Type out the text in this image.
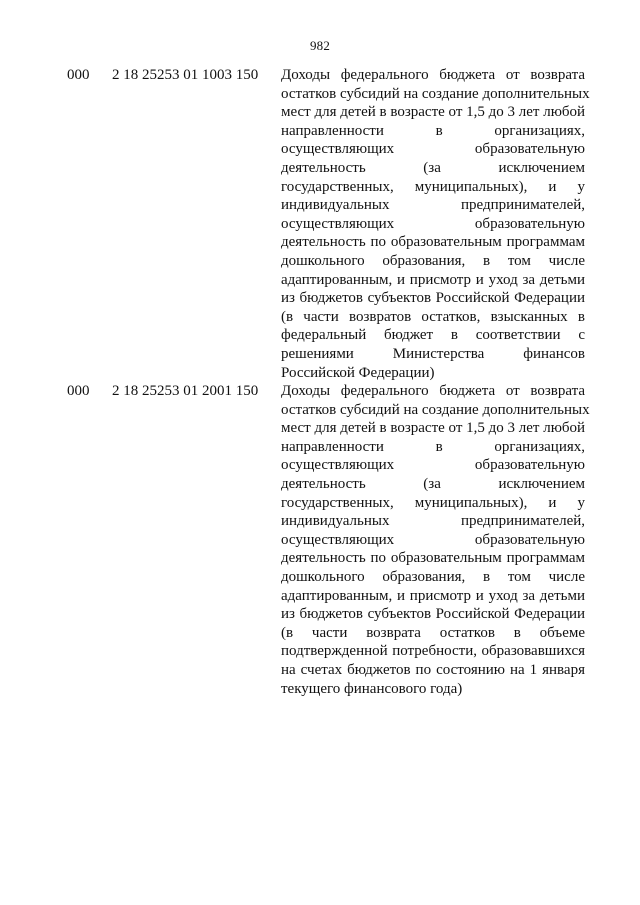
982
000 2 18 25253 01 1003 150 Доходы федерального бюджета от возврата
остатков субсидий на создание дополнительных
мест для детей в возрасте от 1,5 до 3 лет любой
направленности в организациях,
осуществляющих образовательную
деятельность (за исключением
государственных, муниципальных), и у
индивидуальных предпринимателей,
осуществляющих образовательную
деятельность по образовательным программам
дошкольного образования, в том числе
адаптированным, и присмотр и уход за детьми
из бюджетов субъектов Российской Федерации
(в части возвратов остатков, взысканных в
федеральный бюджет в соответствии с
решениями Министерства финансов
Российской Федерации)
000 2 18 25253 01 2001 150 Доходы федерального бюджета от возврата
остатков субсидий на создание дополнительных
мест для детей в возрасте от 1,5 до 3 лет любой
направленности в организациях,
осуществляющих образовательную
деятельность (за исключением
государственных, муниципальных), и у
индивидуальных предпринимателей,
осуществляющих образовательную
деятельность по образовательным программам
дошкольного образования, в том числе
адаптированным, и присмотр и уход за детьми
из бюджетов субъектов Российской Федерации
(в части возврата остатков в объеме
подтвержденной потребности, образовавшихся
на счетах бюджетов по состоянию на 1 января
текущего финансового года)
